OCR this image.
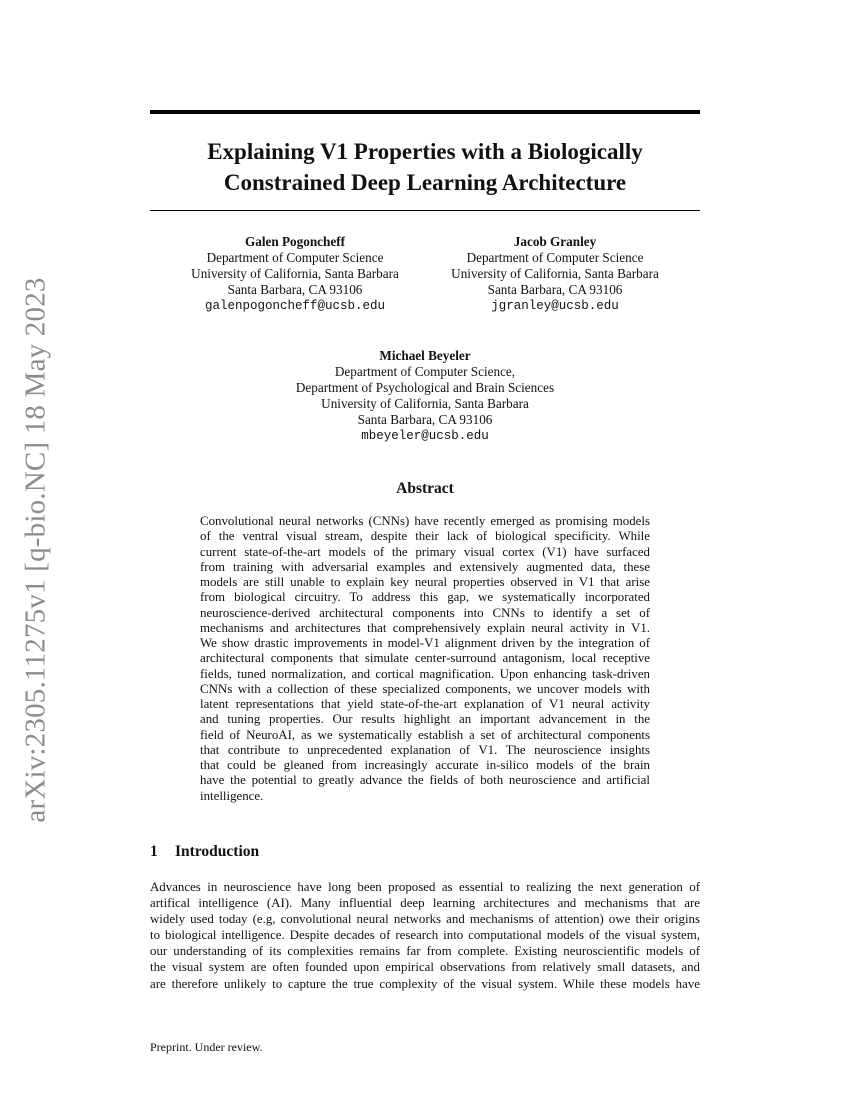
arXiv:2305.11275v1 [q-bio.NC] 18 May 2023
Explaining V1 Properties with a Biologically
Constrained Deep Learning Architecture
Galen Pogoncheff
Department of Computer Science
University of California, Santa Barbara
Santa Barbara, CA 93106
galenpogoncheff@ucsb.edu
Jacob Granley
Department of Computer Science
University of California, Santa Barbara
Santa Barbara, CA 93106
jgranley@ucsb.edu
Michael Beyeler
Department of Computer Science,
Department of Psychological and Brain Sciences
University of California, Santa Barbara
Santa Barbara, CA 93106
mbeyeler@ucsb.edu
Abstract
Convolutional neural networks (CNNs) have recently emerged as promising models
of the ventral visual stream, despite their lack of biological specificity. While
current state-of-the-art models of the primary visual cortex (V1) have surfaced
from training with adversarial examples and extensively augmented data, these
models are still unable to explain key neural properties observed in V1 that arise
from biological circuitry. To address this gap, we systematically incorporated
neuroscience-derived architectural components into CNNs to identify a set of
mechanisms and architectures that comprehensively explain neural activity in V1.
We show drastic improvements in model-V1 alignment driven by the integration of
architectural components that simulate center-surround antagonism, local receptive
fields, tuned normalization, and cortical magnification. Upon enhancing task-driven
CNNs with a collection of these specialized components, we uncover models with
latent representations that yield state-of-the-art explanation of V1 neural activity
and tuning properties. Our results highlight an important advancement in the
field of NeuroAI, as we systematically establish a set of architectural components
that contribute to unprecedented explanation of V1. The neuroscience insights
that could be gleaned from increasingly accurate in-silico models of the brain
have the potential to greatly advance the fields of both neuroscience and artificial
intelligence.
1 Introduction
Advances in neuroscience have long been proposed as essential to realizing the next generation of
artifical intelligence (AI). Many influential deep learning architectures and mechanisms that are
widely used today (e.g, convolutional neural networks and mechanisms of attention) owe their origins
to biological intelligence. Despite decades of research into computational models of the visual system,
our understanding of its complexities remains far from complete. Existing neuroscientific models of
the visual system are often founded upon empirical observations from relatively small datasets, and
are therefore unlikely to capture the true complexity of the visual system. While these models have
Preprint. Under review.
